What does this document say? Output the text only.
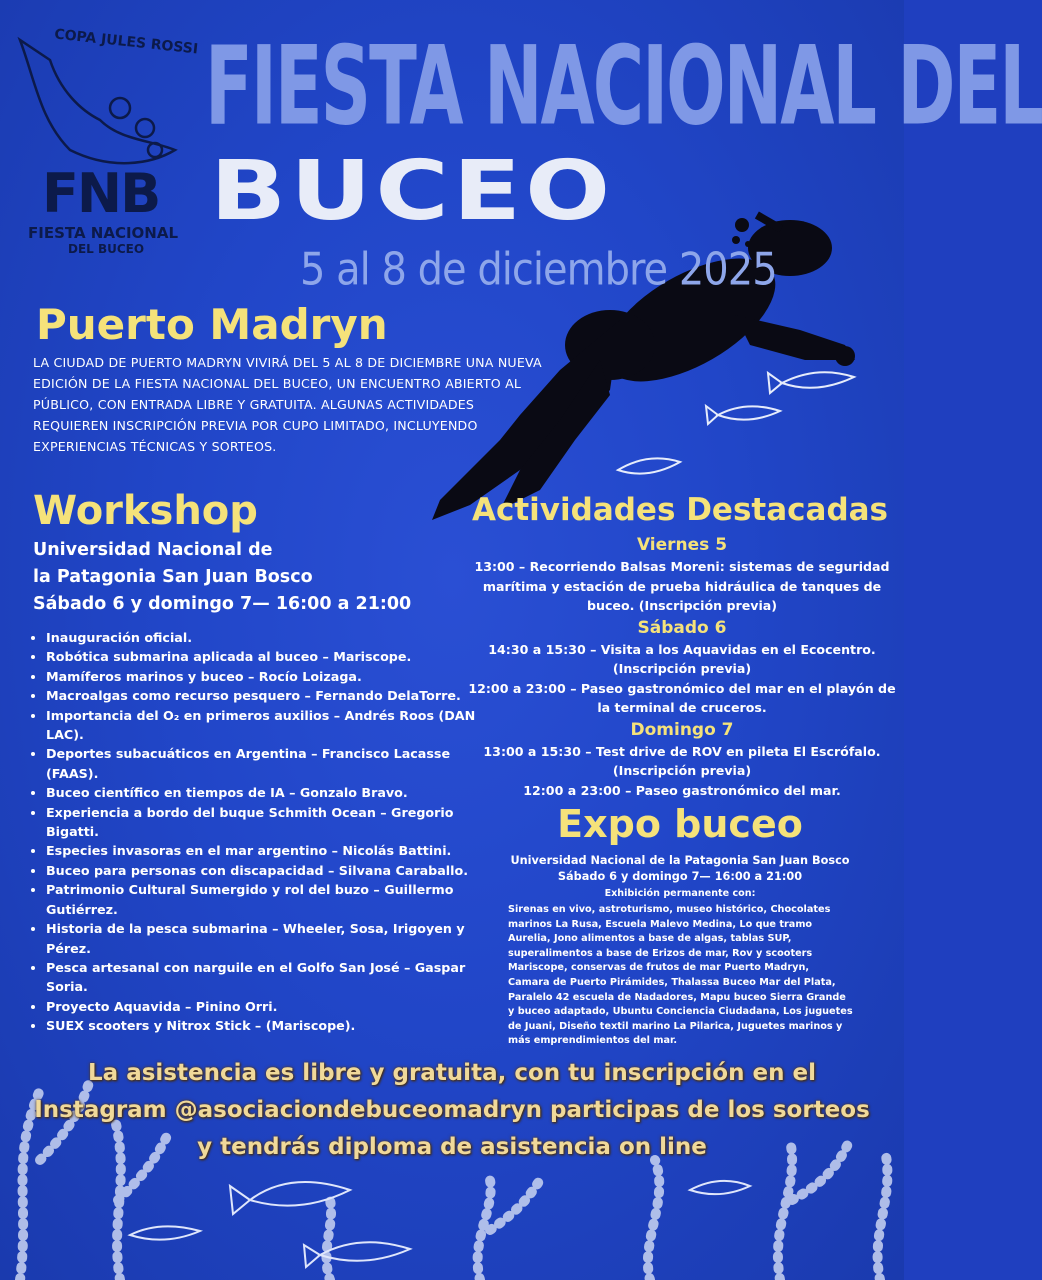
COPA JULES ROSSI
FNB
FIESTA NACIONAL
DEL BUCEO
FIESTA NACIONAL DEL
BUCEO
5 al 8 de diciembre 2025
Puerto Madryn
LA CIUDAD DE PUERTO MADRYN VIVIRÁ DEL 5 AL 8 DE DICIEMBRE UNA NUEVA EDICIÓN DE LA FIESTA NACIONAL DEL BUCEO, UN ENCUENTRO ABIERTO AL PÚBLICO, CON ENTRADA LIBRE Y GRATUITA. ALGUNAS ACTIVIDADES REQUIEREN INSCRIPCIÓN PREVIA POR CUPO LIMITADO, INCLUYENDO EXPERIENCIAS TÉCNICAS Y SORTEOS.
Workshop
Universidad Nacional de
la Patagonia San Juan Bosco
Sábado 6 y domingo 7— 16:00 a 21:00
• Inauguración oficial.
• Robótica submarina aplicada al buceo – Mariscope.
• Mamíferos marinos y buceo – Rocío Loizaga.
• Macroalgas como recurso pesquero – Fernando DelaTorre.
• Importancia del O₂ en primeros auxilios – Andrés Roos (DAN LAC).
• Deportes subacuáticos en Argentina – Francisco Lacasse (FAAS).
• Buceo científico en tiempos de IA – Gonzalo Bravo.
• Experiencia a bordo del buque Schmith Ocean – Gregorio Bigatti.
• Especies invasoras en el mar argentino – Nicolás Battini.
• Buceo para personas con discapacidad – Silvana Caraballo.
• Patrimonio Cultural Sumergido y rol del buzo – Guillermo Gutiérrez.
• Historia de la pesca submarina – Wheeler, Sosa, Irigoyen y Pérez.
• Pesca artesanal con narguile en el Golfo San José – Gaspar Soria.
• Proyecto Aquavida – Pinino Orri.
• SUEX scooters y Nitrox Stick – (Mariscope).
Actividades Destacadas
Viernes 5
13:00 – Recorriendo Balsas Moreni: sistemas de seguridad marítima y estación de prueba hidráulica de tanques de buceo. (Inscripción previa)
Sábado 6
14:30 a 15:30 – Visita a los Aquavidas en el Ecocentro. (Inscripción previa)
12:00 a 23:00 – Paseo gastronómico del mar en el playón de la terminal de cruceros.
Domingo 7
13:00 a 15:30 – Test drive de ROV en pileta El Escrófalo. (Inscripción previa)
12:00 a 23:00 – Paseo gastronómico del mar.
Expo buceo
Universidad Nacional de la Patagonia San Juan Bosco
Sábado 6 y domingo 7— 16:00 a 21:00
Exhibición permanente con:
Sirenas en vivo, astroturismo, museo histórico, Chocolates marinos La Rusa, Escuela Malevo Medina, Lo que tramo Aurelia, Jono alimentos a base de algas, tablas SUP, superalimentos a base de Erizos de mar, Rov y scooters Mariscope, conservas de frutos de mar Puerto Madryn, Camara de Puerto Pirámides, Thalassa Buceo Mar del Plata, Paralelo 42 escuela de Nadadores, Mapu buceo Sierra Grande y buceo adaptado, Ubuntu Conciencia Ciudadana, Los juguetes de Juani, Diseño textil marino La Pilarica, Juguetes marinos y más emprendimientos del mar.
La asistencia es libre y gratuita, con tu inscripción en el
Instagram @asociaciondebuceomadryn participas de los sorteos
y tendrás diploma de asistencia on line
